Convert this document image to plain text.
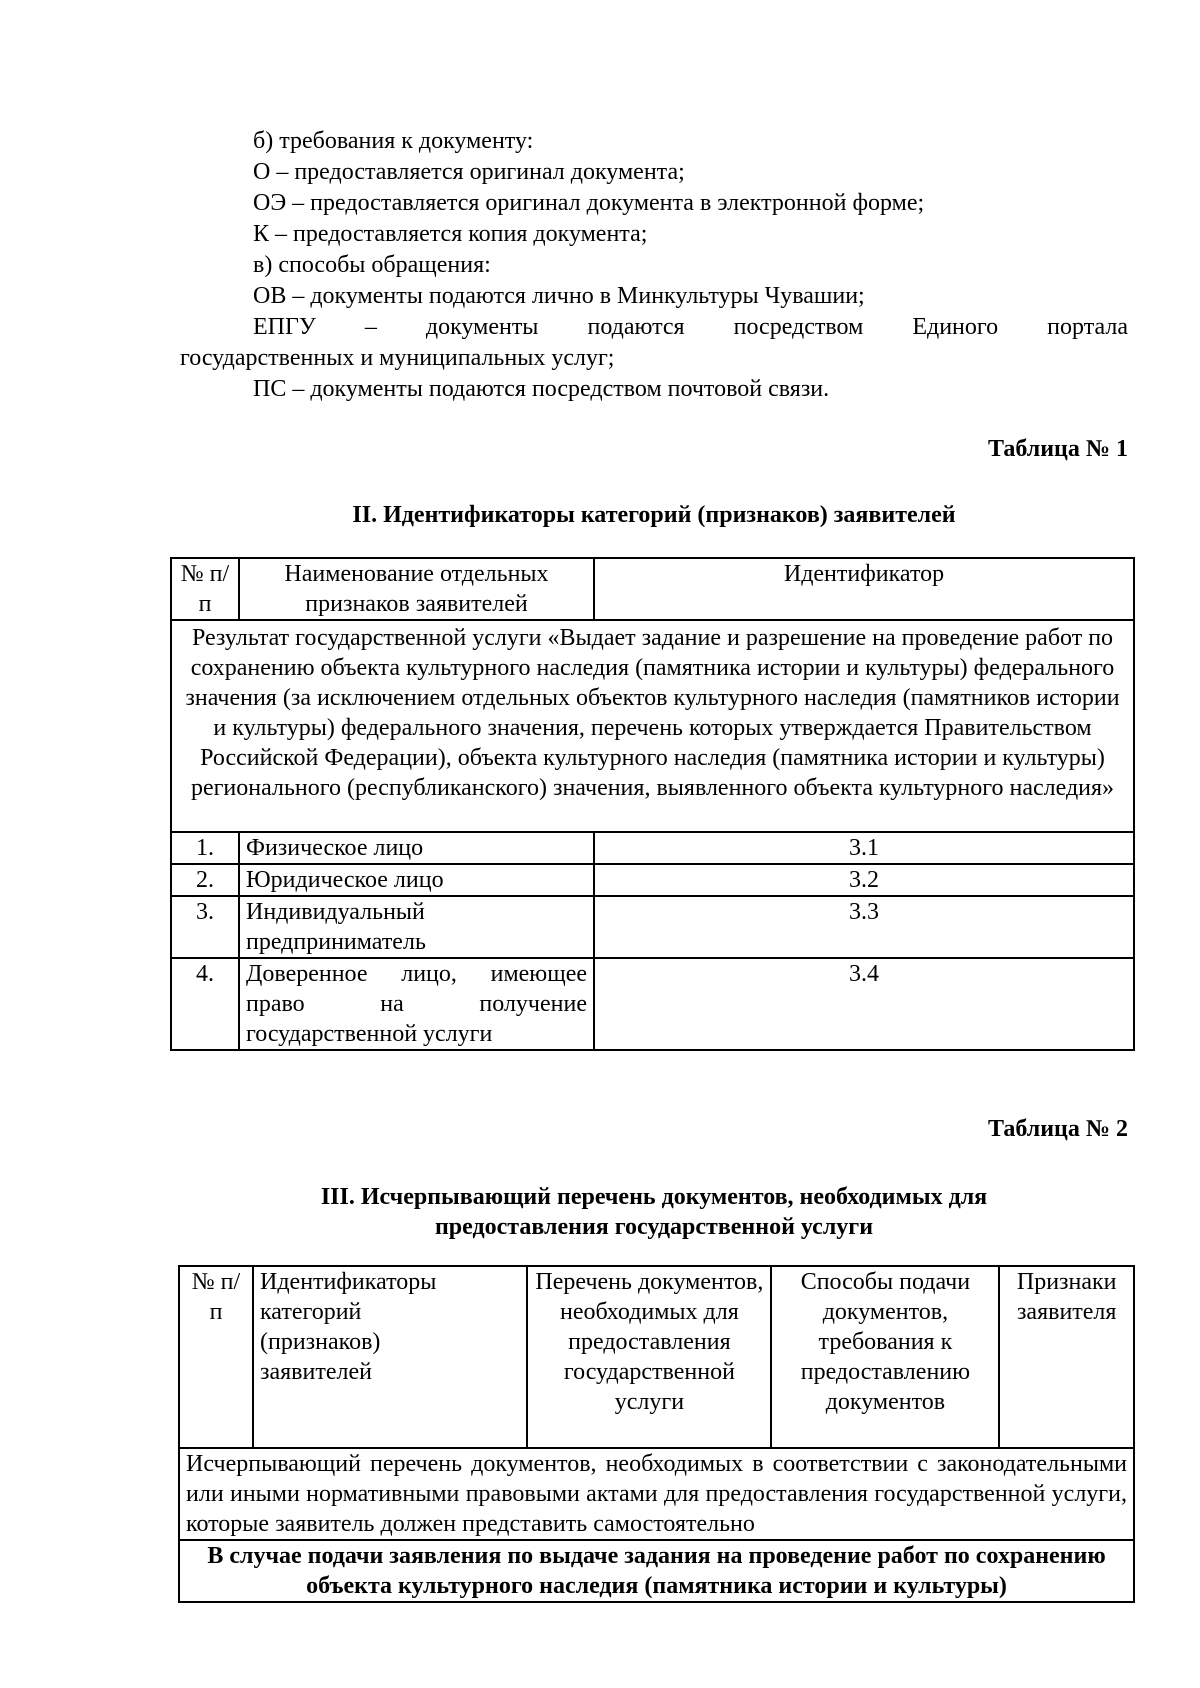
б) требования к документу:
О – предоставляется оригинал документа;
ОЭ – предоставляется оригинал документа в электронной форме;
К – предоставляется копия документа;
в) способы обращения:
ОВ – документы подаются лично в Минкультуры Чувашии;
ЕПГУ – документы подаются посредством Единого портала
государственных и муниципальных услуг;
ПС – документы подаются посредством почтовой связи.
Таблица № 1
II. Идентификаторы категорий (признаков) заявителей
№ п/п	Наименование отдельных признаков заявителей	Идентификатор
Результат государственной услуги «Выдает задание и разрешение на проведение работ по сохранению объекта культурного наследия (памятника истории и культуры) федерального значения (за исключением отдельных объектов культурного наследия (памятников истории и культуры) федерального значения, перечень которых утверждается Правительством Российской Федерации), объекта культурного наследия (памятника истории и культуры) регионального (республиканского) значения, выявленного объекта культурного наследия»		
1.	Физическое лицо	3.1
2.	Юридическое лицо	3.2
3.	Индивидуальный предприниматель	3.3
4.	Доверенное лицо, имеющее право на получение государственной услуги	3.4
Таблица № 2
III. Исчерпывающий перечень документов, необходимых для
предоставления государственной услуги
№ п/п	Идентификаторы категорий (признаков) заявителей	Перечень документов, необходимых для предоставления государственной услуги	Способы подачи документов, требования к предоставлению документов	Признаки заявителя
Исчерпывающий перечень документов, необходимых в соответствии с законодательными или иными нормативными правовыми актами для предоставления государственной услуги, которые заявитель должен представить самостоятельно
В случае подачи заявления по выдаче задания на проведение работ по сохранению объекта культурного наследия (памятника истории и культуры)
